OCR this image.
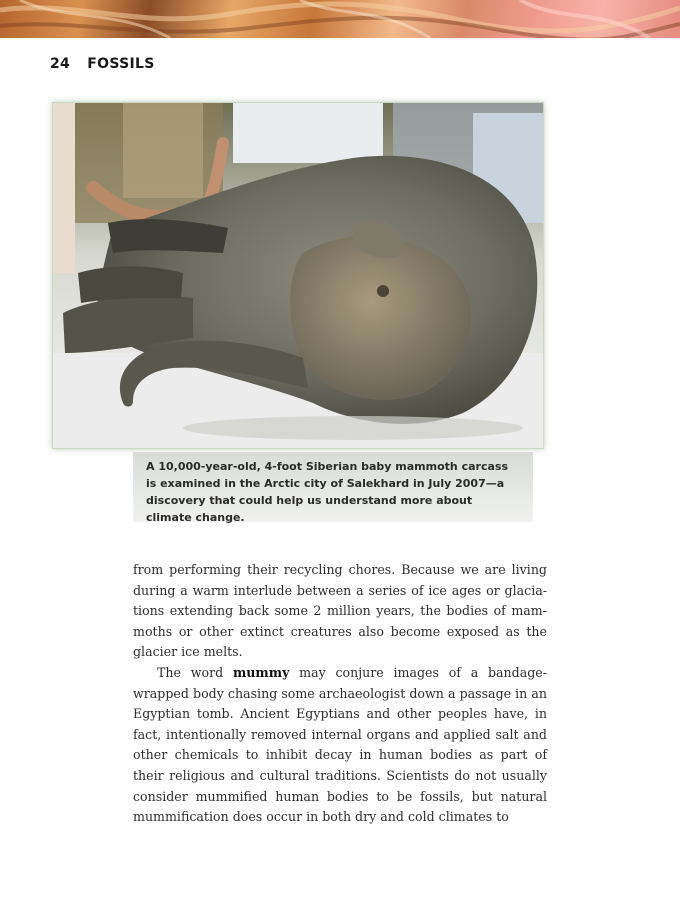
24 FOSSILS

A 10,000-year-old, 4-foot Siberian baby mammoth carcass is examined in the Arctic city of Salekhard in July 2007—a discovery that could help us understand more about climate change.

from performing their recycling chores. Because we are living during a warm interlude between a series of ice ages or glaciations extending back some 2 million years, the bodies of mammoths or other extinct creatures also become exposed as the glacier ice melts.

The word mummy may conjure images of a bandage-wrapped body chasing some archaeologist down a passage in an Egyptian tomb. Ancient Egyptians and other peoples have, in fact, intentionally removed internal organs and applied salt and other chemicals to inhibit decay in human bodies as part of their religious and cultural traditions. Scientists do not usually consider mummified human bodies to be fossils, but natural mummification does occur in both dry and cold climates to
